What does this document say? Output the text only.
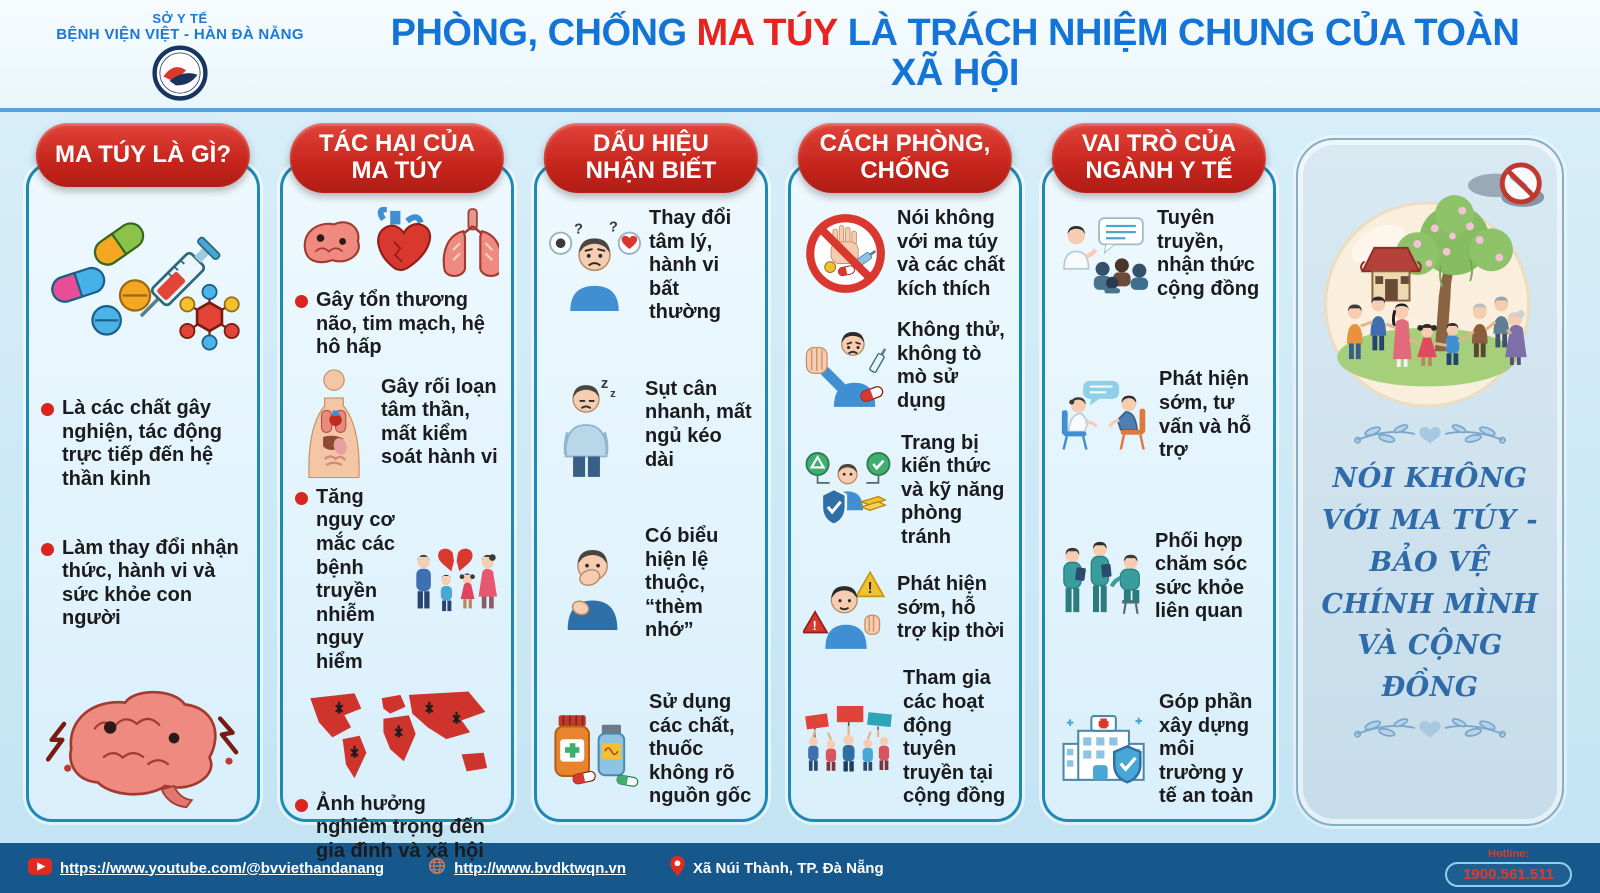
SỞ Y TẾ
BỆNH VIỆN VIỆT - HÀN ĐÀ NẴNG	PHÒNG, CHỐNG MA TÚY LÀ TRÁCH NHIỆM CHUNG CỦA TOÀN XÃ HỘI
MA TÚY LÀ GÌ?
Là các chất gây nghiện, tác động trực tiếp đến hệ thần kinh
Làm thay đổi nhận thức, hành vi và sức khỏe con người
TÁC HẠI CỦA
MA TÚY
Gây tổn thương não, tim mạch, hệ hô hấp
Gây rối loạn tâm thần, mất kiểm soát hành vi
Tăng nguy cơ mắc các bệnh truyền nhiễm nguy hiểm
Ảnh hưởng nghiêm trọng đến gia đình và xã hội
DẤU HIỆU
NHẬN BIẾT
? ? Thay đổi tâm lý, hành vi bất thường
z
z Sụt cân nhanh, mất ngủ kéo dài
Có biểu hiện lệ thuộc, “thèm nhớ”
Sử dụng các chất, thuốc không rõ nguồn gốc
CÁCH PHÒNG,
CHỐNG
Nói không với ma túy và các chất kích thích
Không thử, không tò mò sử dụng
Trang bị kiến thức và kỹ năng phòng tránh
!
!
Phát hiện sớm, hỗ trợ kịp thời
Tham gia các hoạt động tuyên truyền tại cộng đồng
VAI TRÒ CỦA
NGÀNH Y TẾ
Tuyên truyền, nhận thức cộng đồng
Phát hiện sớm, tư vấn và hỗ trợ
Phối hợp chăm sóc sức khỏe liên quan
Góp phần xây dựng môi trường y tế an toàn
NÓI KHÔNG VỚI MA TÚY - BẢO VỆ CHÍNH MÌNH VÀ CỘNG ĐỒNG
https://www.youtube.com/@bvviethandanang	http://www.bvdktwqn.vn	Xã Núi Thành, TP. Đà Nẵng
Hotline:
1900.561.511
